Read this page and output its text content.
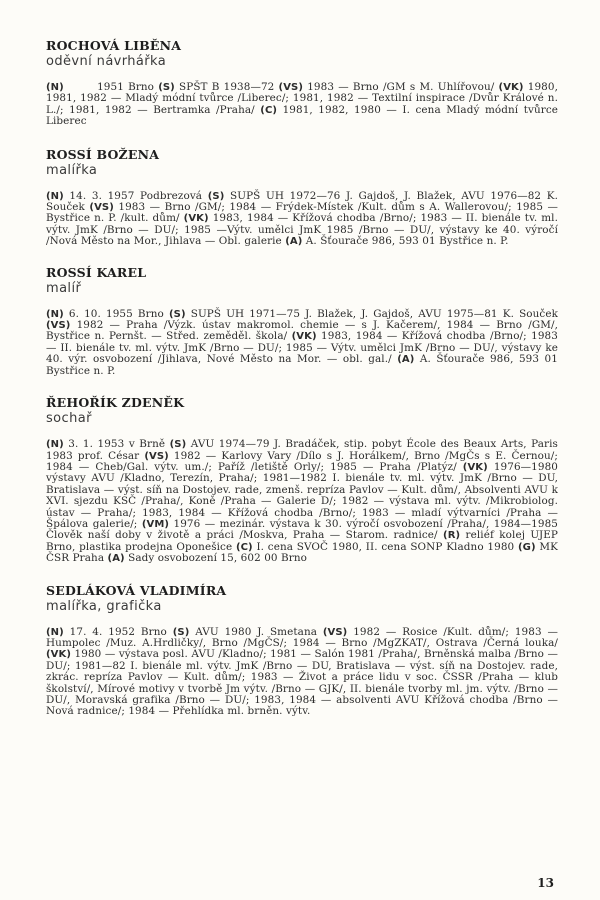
ROCHOVÁ LIBĚNA
oděvní návrhářka
(N)        1951 Brno (S) SPŠT B 1938—72 (VS) 1983 — Brno /GM s M. Uhlířovou/ (VK) 1980, 1981, 1982 — Mladý módní tvůrce /Liberec/; 1981, 1982 — Textilní inspirace /Dvůr Králové n. L./; 1981, 1982 — Bertramka /Praha/ (C) 1981, 1982, 1980 — I. cena Mladý módní tvůrce Liberec
ROSSÍ BOŽENA
malířka
(N) 14. 3. 1957 Podbrezová (S) SUPŠ UH 1972—76 J. Gajdoš, J. Blažek, AVU 1976—82 K. Souček (VS) 1983 — Brno /GM/; 1984 — Frýdek-Místek /Kult. dům s A. Wallerovou/; 1985 — Bystřice n. P. /kult. dům/ (VK) 1983, 1984 — Křížová chodba /Brno/; 1983 — II. bienále tv. ml. výtv. JmK /Brno — DU/; 1985 —Výtv. umělci JmK 1985 /Brno — DU/, výstavy ke 40. výročí /Nová Město na Mor., Jihlava — Obl. galerie (A) A. Šťouračе 986, 593 01 Bystřice n. P.
ROSSÍ KAREL
malíř
(N) 6. 10. 1955 Brno (S) SUPŠ UH 1971—75 J. Blažek, J. Gajdoš, AVU 1975—81 K. Souček (VS) 1982 — Praha /Výzk. ústav makromol. chemie — s J. Kačerem/, 1984 — Brno /GM/, Bystřice n. Pernšt. — Střed. zeměděl. škola/ (VK) 1983, 1984 — Křížová chodba /Brno/; 1983 — II. bienále tv. ml. výtv. JmK /Brno — DU/; 1985 — Výtv. umělci JmK /Brno — DU/, výstavy ke 40. výr. osvobození /Jihlava, Nové Město na Mor. — obl. gal./ (A) A. Šťouračе 986, 593 01 Bystřice n. P.
ŘEHOŘÍK ZDENĚK
sochař
(N) 3. 1. 1953 v Brně (S) AVU 1974—79 J. Bradáček, stip. pobyt École des Beaux Arts, Paris 1983 prof. César (VS) 1982 — Karlovy Vary /Dílo s J. Horálkem/, Brno /MgČs s E. Černou/; 1984 — Cheb/Gal. výtv. um./; Paříž /letiště Orly/; 1985 — Praha /Platýz/ (VK) 1976—1980 výstavy AVU /Kladno, Terezín, Praha/; 1981—1982 I. bienále tv. ml. výtv. JmK /Brno — DU, Bratislava — výst. síň na Dostojev. rade, zmenš. repríza Pavlov — Kult. dům/, Absolventi AVU k XVI. sjezdu KSČ /Praha/, Koně /Praha — Galerie D/; 1982 — výstava ml. výtv. /Mikrobiolog. ústav — Praha/; 1983, 1984 — Křížová chodba /Brno/; 1983 — mladí výtvarníci /Praha — Špálova galerie/; (VM) 1976 — mezinár. výstava k 30. výročí osvobození /Praha/, 1984—1985 Člověk naší doby v životě a práci /Moskva, Praha — Starom. radnice/ (R) reliéf kolej UJEP Brno, plastika prodejna Oponešice (C) I. cena SVOČ 1980, II. cena SONP Kladno 1980 (G) MK ČSR Praha (A) Sady osvobození 15, 602 00 Brno
SEDLÁKOVÁ VLADIMÍRA
malířka, grafička
(N) 17. 4. 1952 Brno (S) AVU 1980 J. Smetana (VS) 1982 — Rosice /Kult. dům/; 1983 — Humpolec /Muz. A.Hrdličky/, Brno /MgČS/; 1984 — Brno /MgZKAT/, Ostrava /Černá louka/ (VK) 1980 — výstava posl. AVU /Kladno/; 1981 — Salón 1981 /Praha/, Brněnská malba /Brno — DU/; 1981—82 I. bienále ml. výtv. JmK /Brno — DU, Bratislava — výst. síň na Dostojev. rade, zkrác. repríza Pavlov — Kult. dům/; 1983 — Život a práce lidu v soc. ČSSR /Praha — klub školství/, Mírové motivy v tvorbě Jm výtv. /Brno — GJK/, II. bienále tvorby ml. jm. výtv. /Brno — DU/, Moravská grafika /Brno — DU/; 1983, 1984 — absolventi AVU Křížová chodba /Brno — Nová radnice/; 1984 — Přehlídka ml. brněn. výtv.
13
